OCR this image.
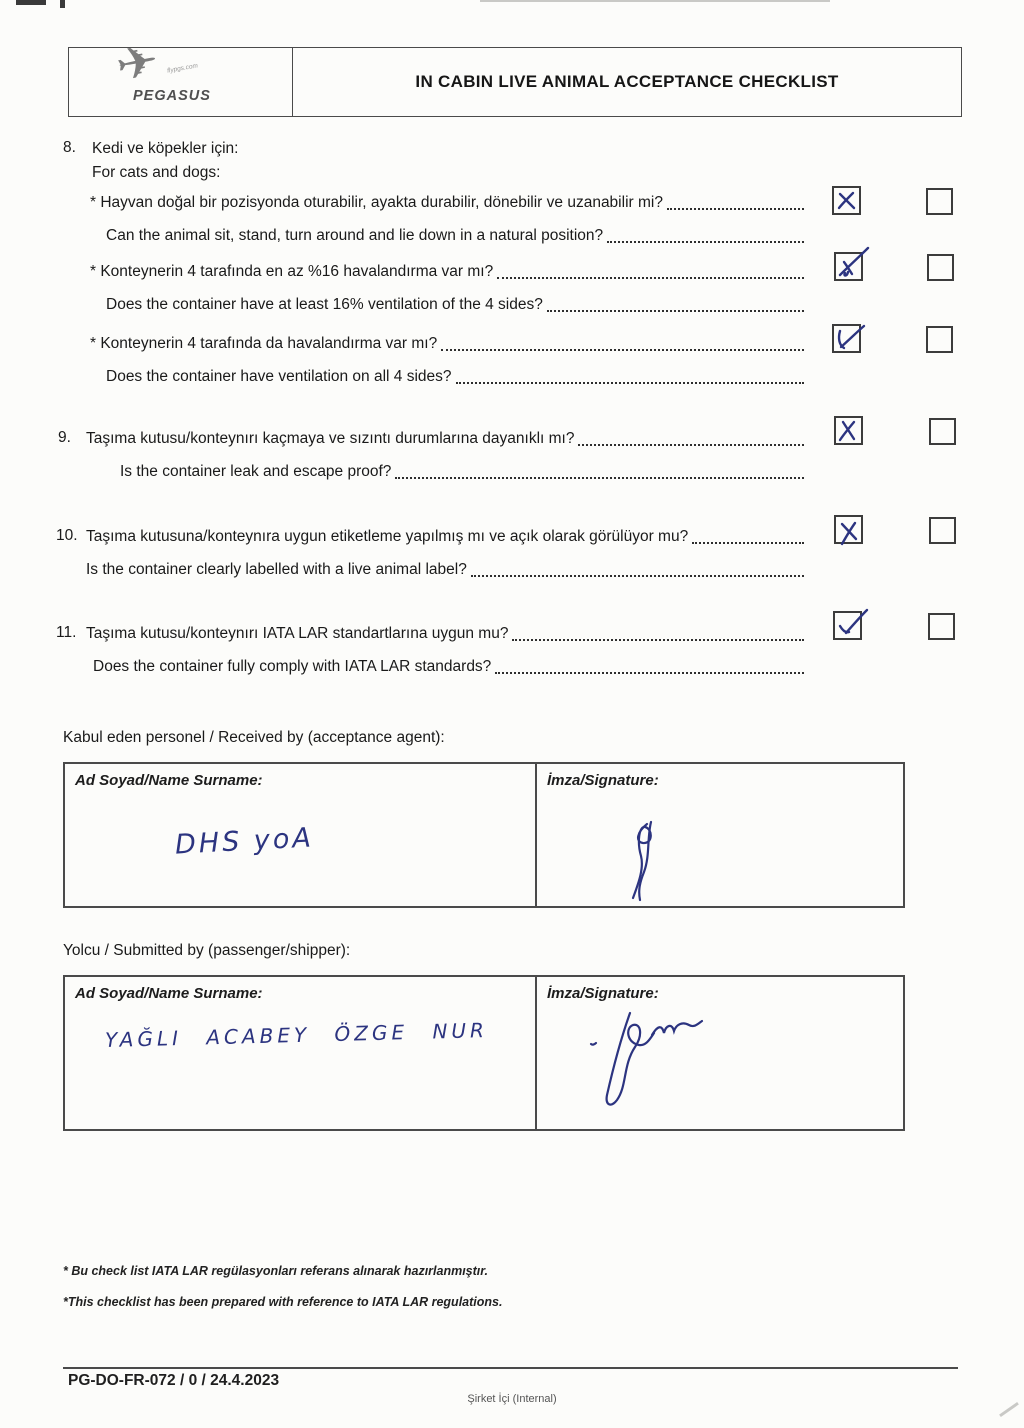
✈ flypgs.com
PEGASUS
IN CABIN LIVE ANIMAL ACCEPTANCE CHECKLIST
8. Kedi ve köpekler için:
For cats and dogs:
* Hayvan doğal bir pozisyonda oturabilir, ayakta durabilir, dönebilir ve uzanabilir mi?
Can the animal sit, stand, turn around and lie down in a natural position?
* Konteynerin 4 tarafında en az %16 havalandırma var mı?
Does the container have at least 16% ventilation of the 4 sides?
* Konteynerin 4 tarafında da havalandırma var mı?
Does the container have ventilation on all 4 sides?
9. Taşıma kutusu/konteynırı kaçmaya ve sızıntı durumlarına dayanıklı mı?
Is the container leak and escape proof?
10. Taşıma kutusuna/konteynıra uygun etiketleme yapılmış mı ve açık olarak görülüyor mu?
Is the container clearly labelled with a live animal label?
11. Taşıma kutusu/konteynırı IATA LAR standartlarına uygun mu?
Does the container fully comply with IATA LAR standards?
Kabul eden personel / Received by (acceptance agent):
Ad Soyad/Name Surname:
DHS yoA
İmza/Signature:
Yolcu / Submitted by (passenger/shipper):
Ad Soyad/Name Surname:
YAĞLI ACABEY ÖZGE NUR
İmza/Signature:
* Bu check list IATA LAR regülasyonları referans alınarak hazırlanmıştır.
*This checklist has been prepared with reference to IATA LAR regulations.
PG-DO-FR-072 / 0 / 24.4.2023
Şirket İçi (Internal)
